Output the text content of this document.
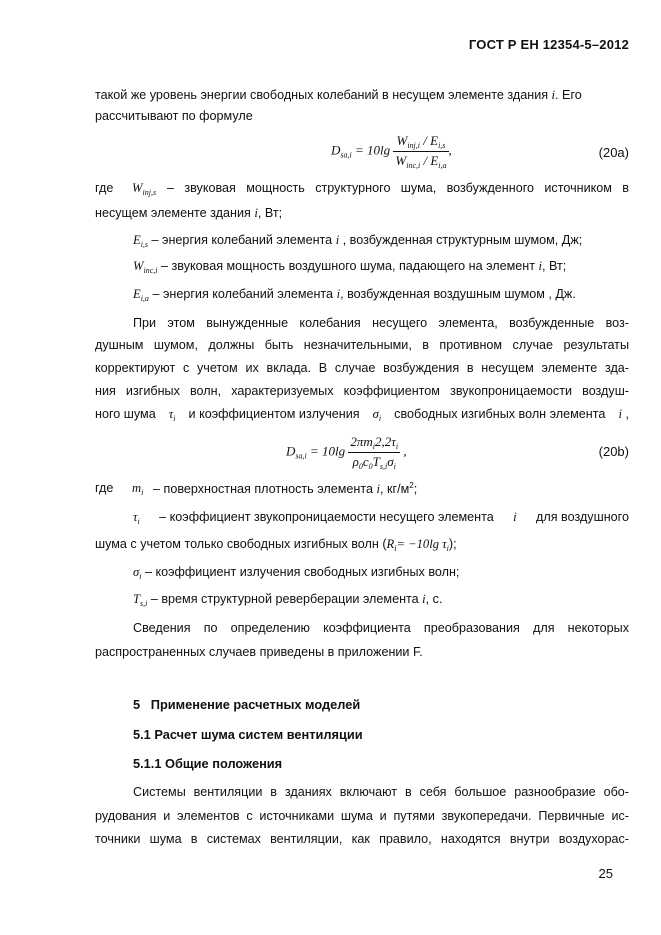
ГОСТ Р ЕН 12354-5–2012
такой же уровень энергии свободных колебаний в несущем элементе здания i. Его
рассчитывают по формуле
$D_{sa,i} = 10\lg \frac{W_{inj,i} / E_{i,s}}{W_{inc,i} / E_{i,a}}$ ,	(20a)
где $W_{inj,s}$ – звуковая мощность структурного шума, возбужденного источником в
несущем элементе здания i, Вт;
$E_{i,s}$ – энергия колебаний элемента i , возбужденная структурным шумом, Дж;
$W_{inc,i}$ – звуковая мощность воздушного шума, падающего на элемент i, Вт;
$E_{i,a}$ – энергия колебаний элемента i, возбужденная воздушным шумом , Дж.
При этом вынужденные колебания несущего элемента, возбужденные воз-
душным шумом, должны быть незначительными, в противном случае результаты
корректируют с учетом их вклада. В случае возбуждения в несущем элементе зда-
ния изгибных волн, характеризуемых коэффициентом звукопроницаемости воздуш-
ного шума $\tau_i$ и коэффициентом излучения $\sigma_i$ свободных изгибных волн элемента i ,
$D_{sa,i} = 10\lg \frac{2\pi m_i2,2\tau_i}{\rho_0c_0T_{s,i}\sigma_i}$ ,	(20b)
где $m_i$ – поверхностная плотность элемента i, $кг/м^2$;
$\tau_i$ – коэффициент звукопроницаемости несущего элемента i для воздушного
шума с учетом только свободных изгибных волн ($R_i= -10\lg$ $\tau_i$);
$\sigma_i$ – коэффициент излучения свободных изгибных волн;
$T_{s,i}$ – время структурной реверберации элемента i, с.
Сведения по определению коэффициента преобразования для некоторых
распространенных случаев приведены в приложении F.
5   Применение расчетных моделей
5.1 Расчет шума систем вентиляции
5.1.1 Общие положения
Системы вентиляции в зданиях включают в себя большое разнообразие обо-
рудования и элементов с источниками шума и путями звукопередачи. Первичные ис-
точники шума в системах вентиляции, как правило, находятся внутри воздухорас-
25
